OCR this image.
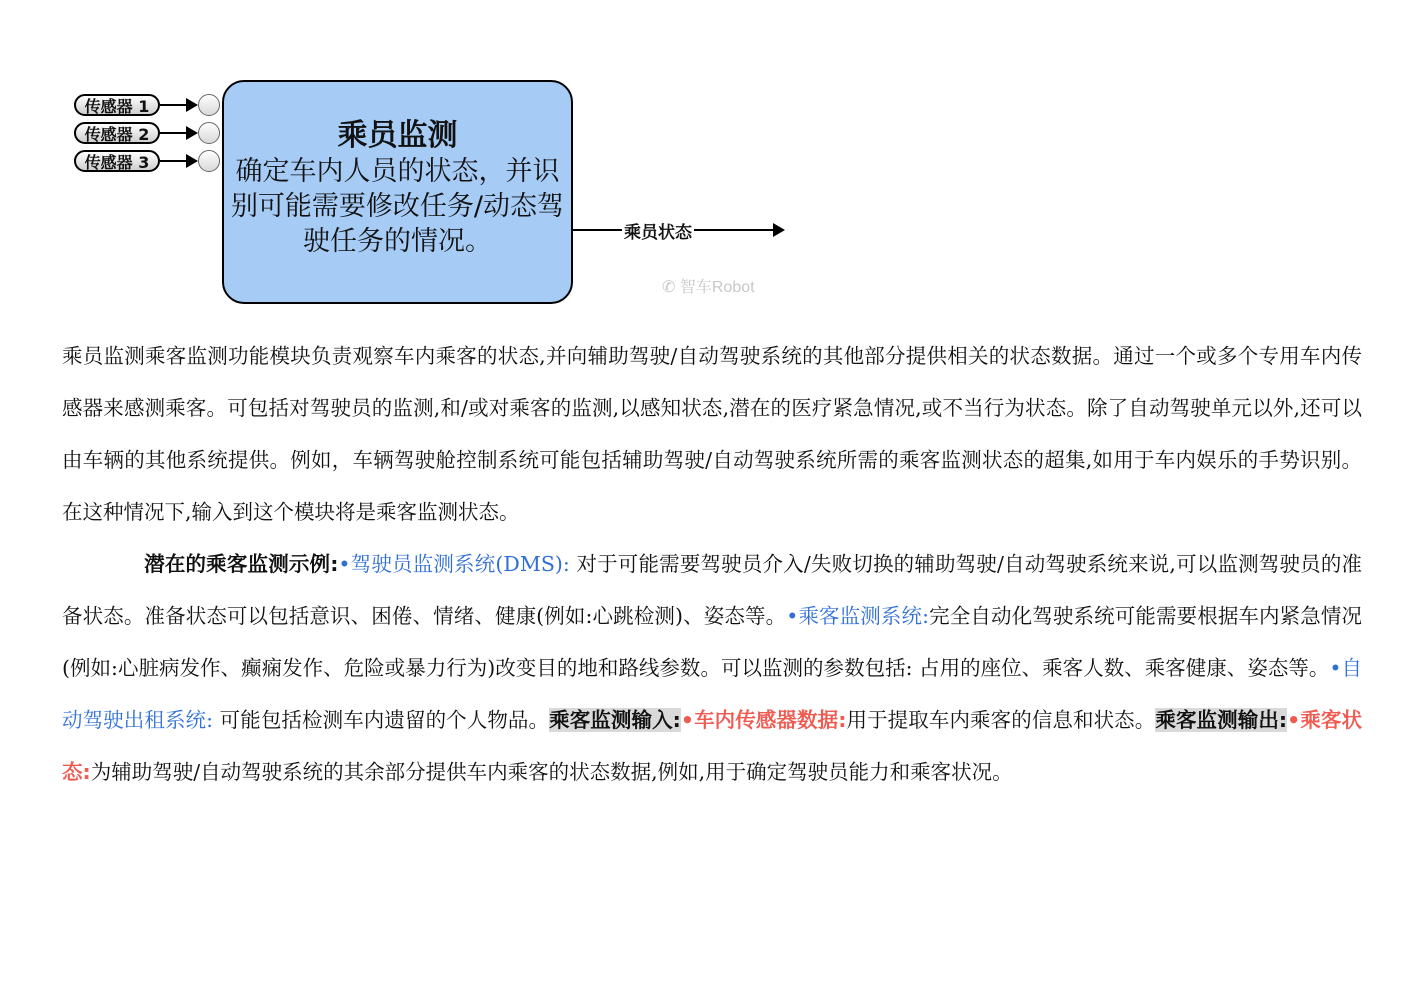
传感器 1
传感器 2
传感器 3
乘员监测
确定车内人员的状态，并识别可能需要修改任务/动态驾驶任务的情况。	乘员状态
✆ 智车Robot

乘员监测乘客监测功能模块负责观察车内乘客的状态,并向辅助驾驶/自动驾驶系统的其他部分提供相关的状态数据。通过一个或多个专用车内传感器来感测乘客。可包括对驾驶员的监测,和/或对乘客的监测,以感知状态,潜在的医疗紧急情况,或不当行为状态。除了自动驾驶单元以外,还可以由车辆的其他系统提供。例如，车辆驾驶舱控制系统可能包括辅助驾驶/自动驾驶系统所需的乘客监测状态的超集,如用于车内娱乐的手势识别。在这种情况下,输入到这个模块将是乘客监测状态。

潜在的乘客监测示例:•驾驶员监测系统(DMS): 对于可能需要驾驶员介入/失败切换的辅助驾驶/自动驾驶系统来说,可以监测驾驶员的准备状态。准备状态可以包括意识、困倦、情绪、健康(例如:心跳检测)、姿态等。•乘客监测系统:完全自动化驾驶系统可能需要根据车内紧急情况(例如:心脏病发作、癫痫发作、危险或暴力行为)改变目的地和路线参数。可以监测的参数包括: 占用的座位、乘客人数、乘客健康、姿态等。•自动驾驶出租系统: 可能包括检测车内遗留的个人物品。乘客监测输入:•车内传感器数据:用于提取车内乘客的信息和状态。乘客监测输出:•乘客状态:为辅助驾驶/自动驾驶系统的其余部分提供车内乘客的状态数据,例如,用于确定驾驶员能力和乘客状况。
